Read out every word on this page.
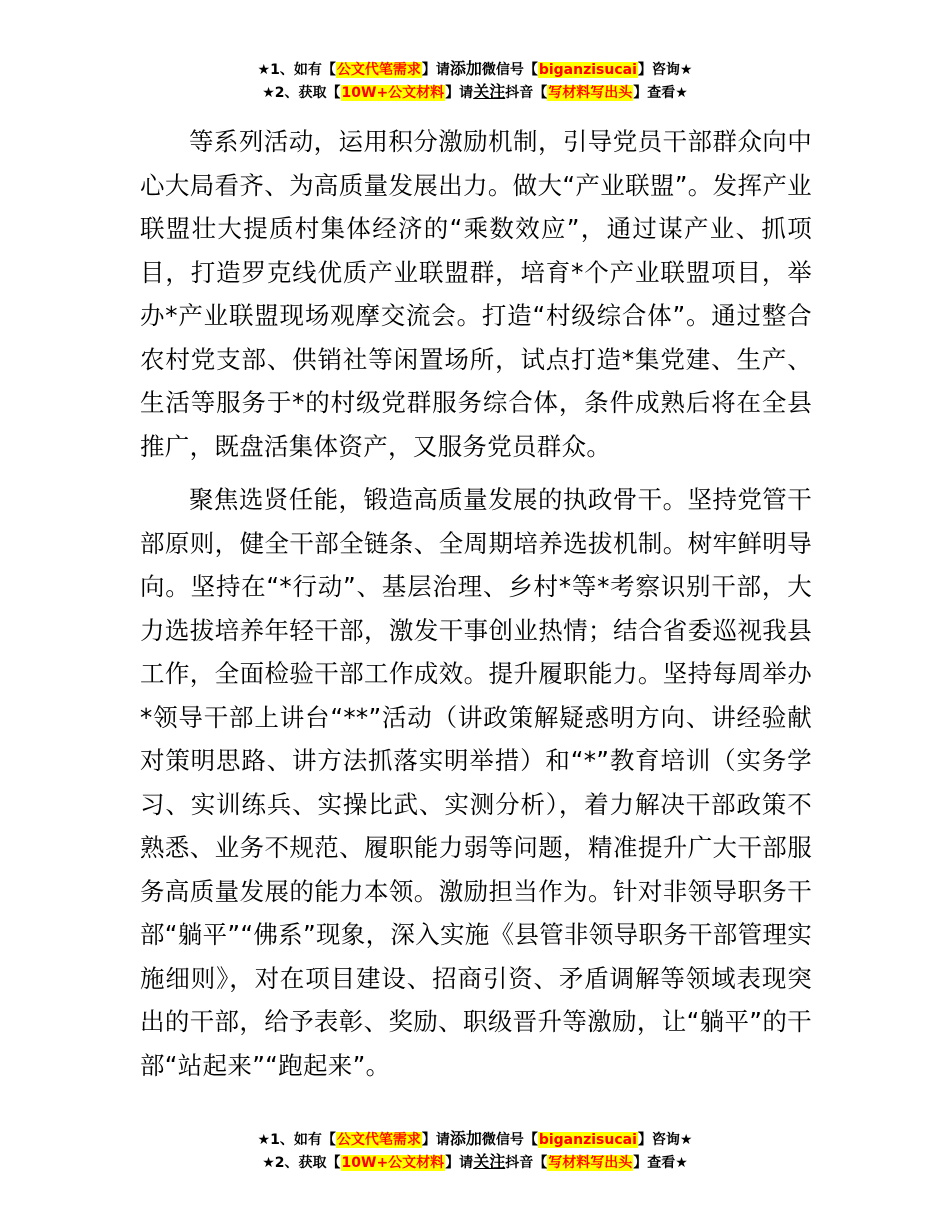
★1、如有【公文代笔需求】请添加微信号【biganzisucai】咨询★
★2、获取【10W+公文材料】请关注抖音【写材料写出头】查看★

等系列活动，运用积分激励机制，引导党员干部群众向中心大局看齐、为高质量发展出力。做大“产业联盟”。发挥产业联盟壮大提质村集体经济的“乘数效应”，通过谋产业、抓项目，打造罗克线优质产业联盟群，培育*个产业联盟项目，举办*产业联盟现场观摩交流会。打造“村级综合体”。通过整合农村党支部、供销社等闲置场所，试点打造*集党建、生产、生活等服务于*的村级党群服务综合体，条件成熟后将在全县推广，既盘活集体资产，又服务党员群众。

聚焦选贤任能，锻造高质量发展的执政骨干。坚持党管干部原则，健全干部全链条、全周期培养选拔机制。树牢鲜明导向。坚持在“*行动”、基层治理、乡村*等*考察识别干部，大力选拔培养年轻干部，激发干事创业热情；结合省委巡视我县工作，全面检验干部工作成效。提升履职能力。坚持每周举办*领导干部上讲台“**”活动（讲政策解疑惑明方向、讲经验献对策明思路、讲方法抓落实明举措）和“*”教育培训（实务学习、实训练兵、实操比武、实测分析），着力解决干部政策不熟悉、业务不规范、履职能力弱等问题，精准提升广大干部服务高质量发展的能力本领。激励担当作为。针对非领导职务干部“躺平”“佛系”现象，深入实施《县管非领导职务干部管理实施细则》，对在项目建设、招商引资、矛盾调解等领域表现突出的干部，给予表彰、奖励、职级晋升等激励，让“躺平”的干部“站起来”“跑起来”。

★1、如有【公文代笔需求】请添加微信号【biganzisucai】咨询★
★2、获取【10W+公文材料】请关注抖音【写材料写出头】查看★
